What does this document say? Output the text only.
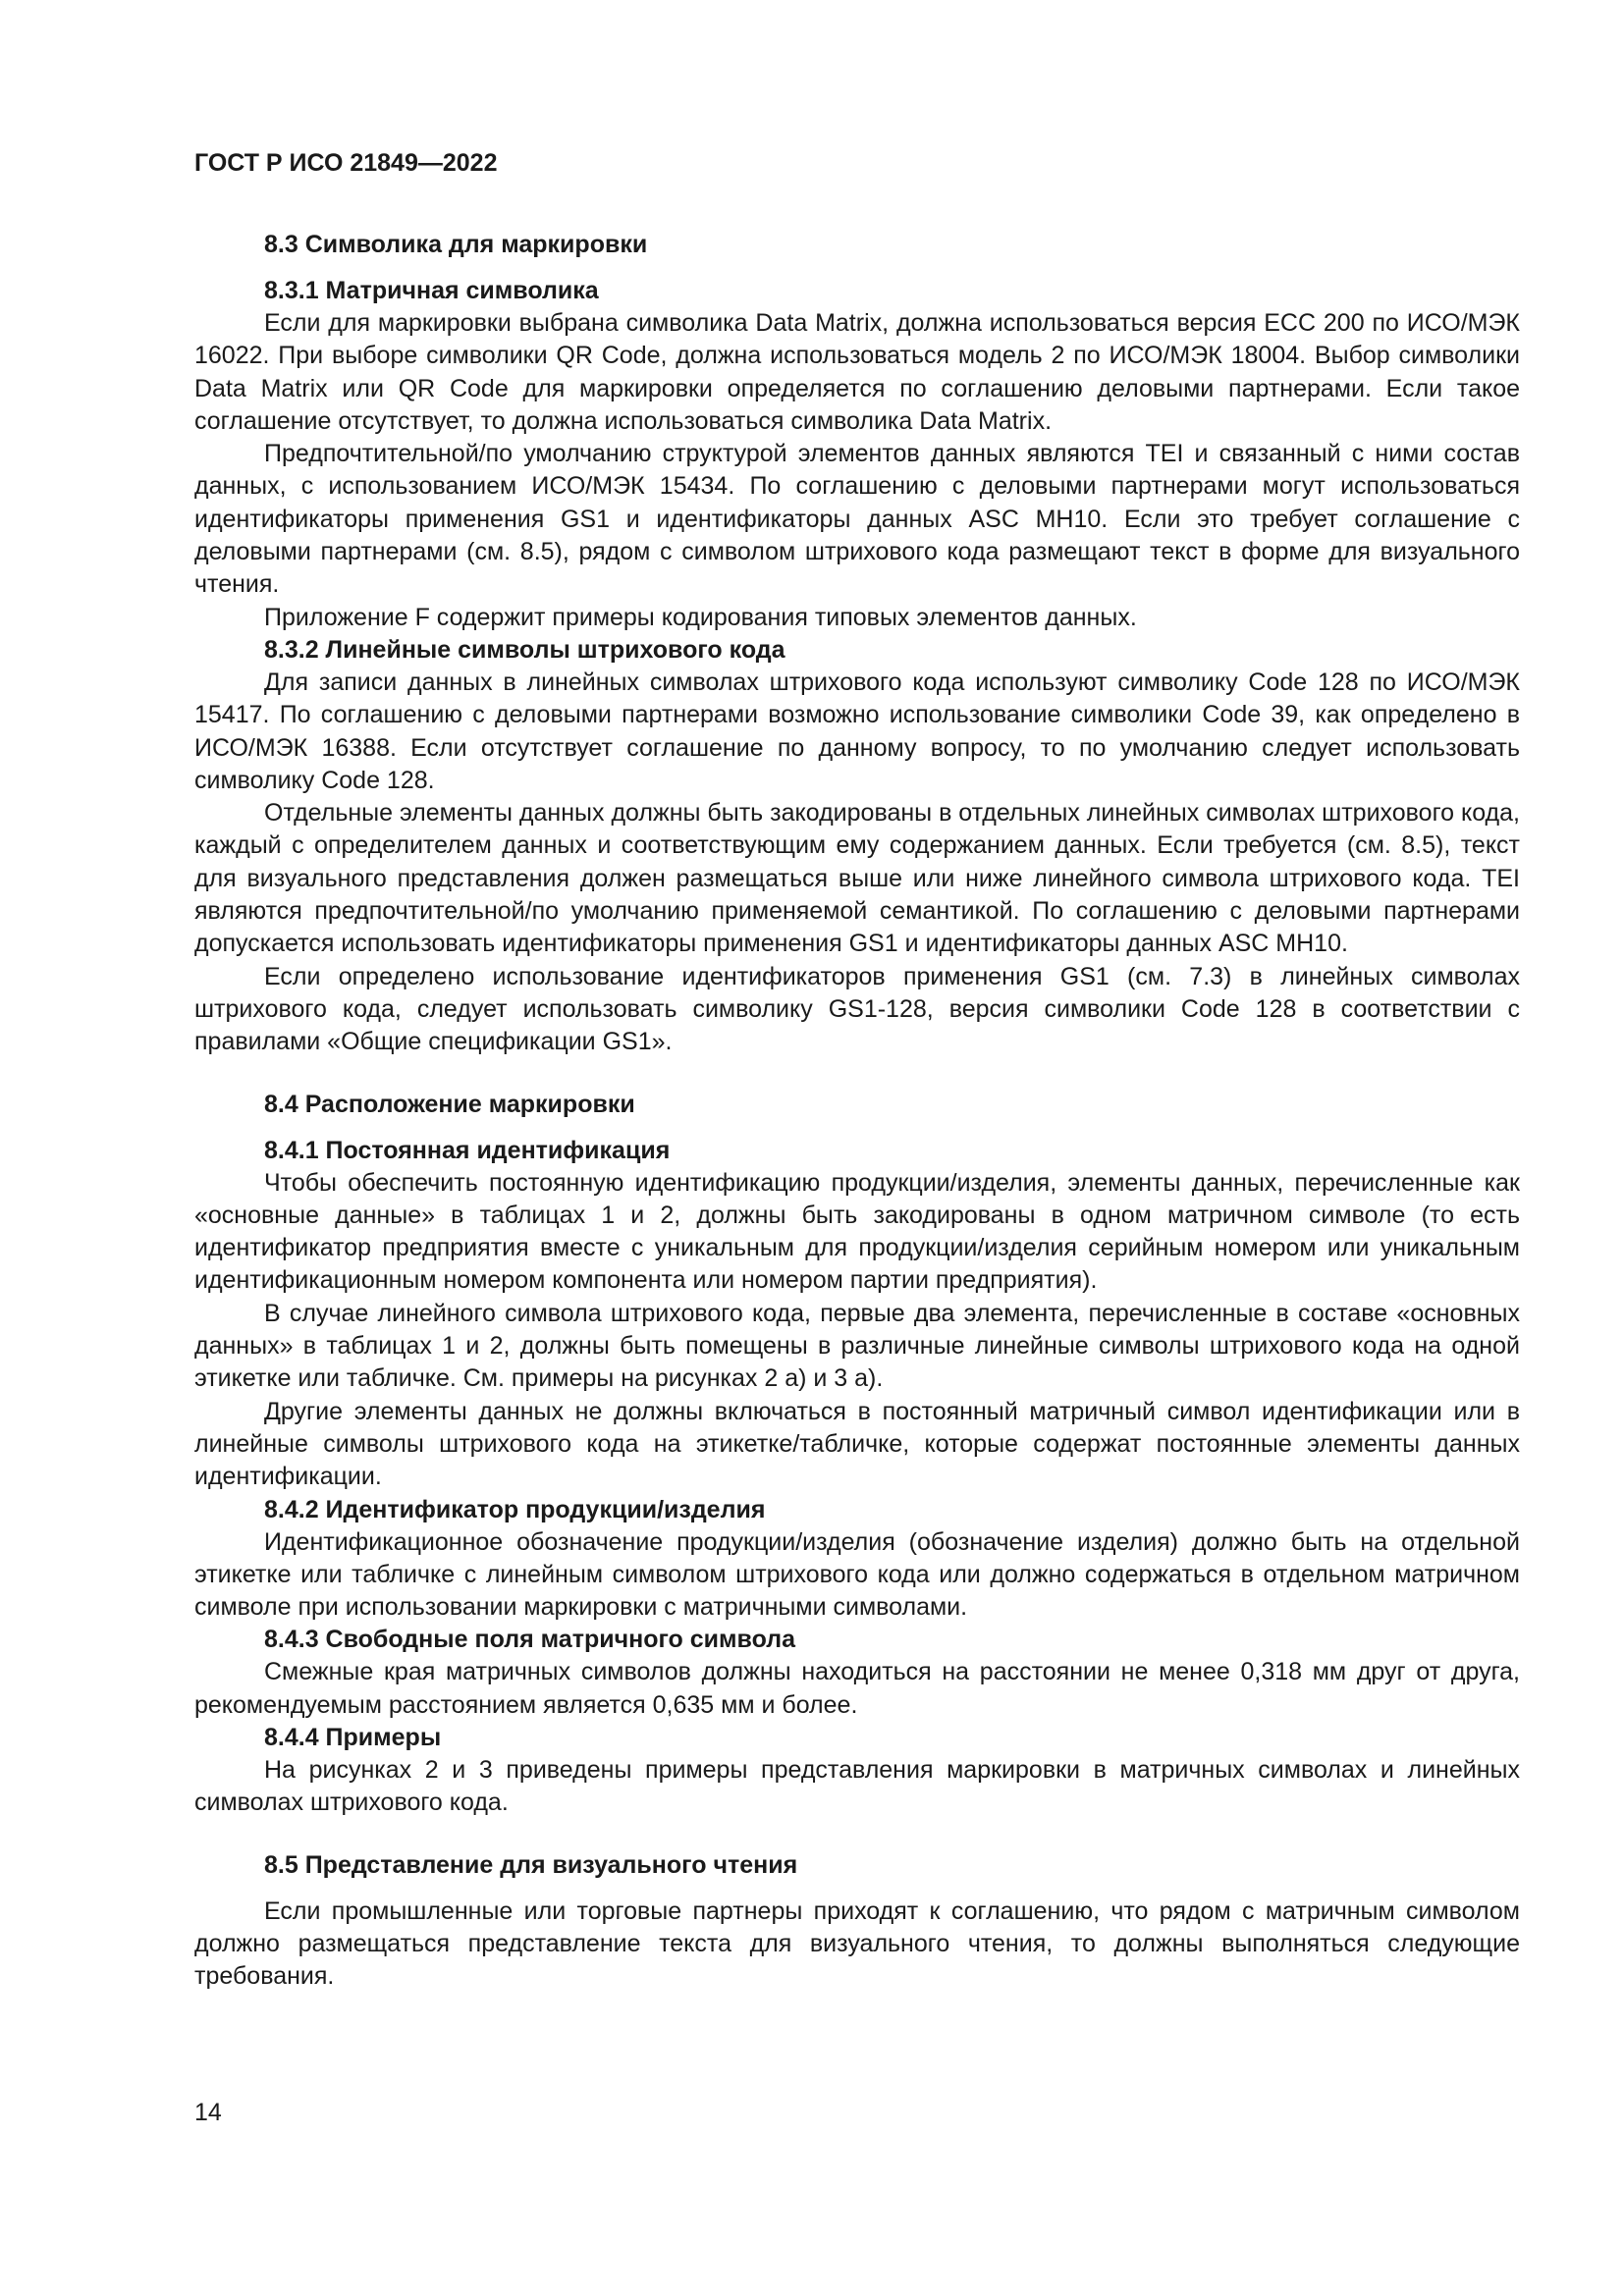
ГОСТ Р ИСО 21849—2022
8.3 Символика для маркировки
8.3.1 Матричная символика

Если для маркировки выбрана символика Data Matrix, должна использоваться версия ЕСС 200 по ИСО/МЭК 16022. При выборе символики QR Code, должна использоваться модель 2 по ИСО/МЭК 18004. Выбор символики Data Matrix или QR Code для маркировки определяется по соглашению деловыми партнерами. Если такое соглашение отсутствует, то должна использоваться символика Data Matrix.

Предпочтительной/по умолчанию структурой элементов данных являются TEI и связанный с ними состав данных, с использованием ИСО/МЭК 15434. По соглашению с деловыми партнерами могут использоваться идентификаторы применения GS1 и идентификаторы данных ASC MH10. Если это требует соглашение с деловыми партнерами (см. 8.5), рядом с символом штрихового кода размещают текст в форме для визуального чтения.

Приложение F содержит примеры кодирования типовых элементов данных.

8.3.2 Линейные символы штрихового кода

Для записи данных в линейных символах штрихового кода используют символику Code 128 по ИСО/МЭК 15417. По соглашению с деловыми партнерами возможно использование символики Code 39, как определено в ИСО/МЭК 16388. Если отсутствует соглашение по данному вопросу, то по умолчанию следует использовать символику Code 128.

Отдельные элементы данных должны быть закодированы в отдельных линейных символах штрихового кода, каждый с определителем данных и соответствующим ему содержанием данных. Если требуется (см. 8.5), текст для визуального представления должен размещаться выше или ниже линейного символа штрихового кода. TEI являются предпочтительной/по умолчанию применяемой семантикой. По соглашению с деловыми партнерами допускается использовать идентификаторы применения GS1 и идентификаторы данных ASC MH10.

Если определено использование идентификаторов применения GS1 (см. 7.3) в линейных символах штрихового кода, следует использовать символику GS1-128, версия символики Code 128 в соответствии с правилами «Общие спецификации GS1».

8.4 Расположение маркировки
8.4.1 Постоянная идентификация

Чтобы обеспечить постоянную идентификацию продукции/изделия, элементы данных, перечисленные как «основные данные» в таблицах 1 и 2, должны быть закодированы в одном матричном символе (то есть идентификатор предприятия вместе с уникальным для продукции/изделия серийным номером или уникальным идентификационным номером компонента или номером партии предприятия).

В случае линейного символа штрихового кода, первые два элемента, перечисленные в составе «основных данных» в таблицах 1 и 2, должны быть помещены в различные линейные символы штрихового кода на одной этикетке или табличке. См. примеры на рисунках 2 а) и 3 а).

Другие элементы данных не должны включаться в постоянный матричный символ идентификации или в линейные символы штрихового кода на этикетке/табличке, которые содержат постоянные элементы данных идентификации.

8.4.2 Идентификатор продукции/изделия

Идентификационное обозначение продукции/изделия (обозначение изделия) должно быть на отдельной этикетке или табличке с линейным символом штрихового кода или должно содержаться в отдельном матричном символе при использовании маркировки с матричными символами.

8.4.3 Свободные поля матричного символа

Смежные края матричных символов должны находиться на расстоянии не менее 0,318 мм друг от друга, рекомендуемым расстоянием является 0,635 мм и более.

8.4.4 Примеры

На рисунках 2 и 3 приведены примеры представления маркировки в матричных символах и линейных символах штрихового кода.

8.5 Представление для визуального чтения

Если промышленные или торговые партнеры приходят к соглашению, что рядом с матричным символом должно размещаться представление текста для визуального чтения, то должны выполняться следующие требования.

14
